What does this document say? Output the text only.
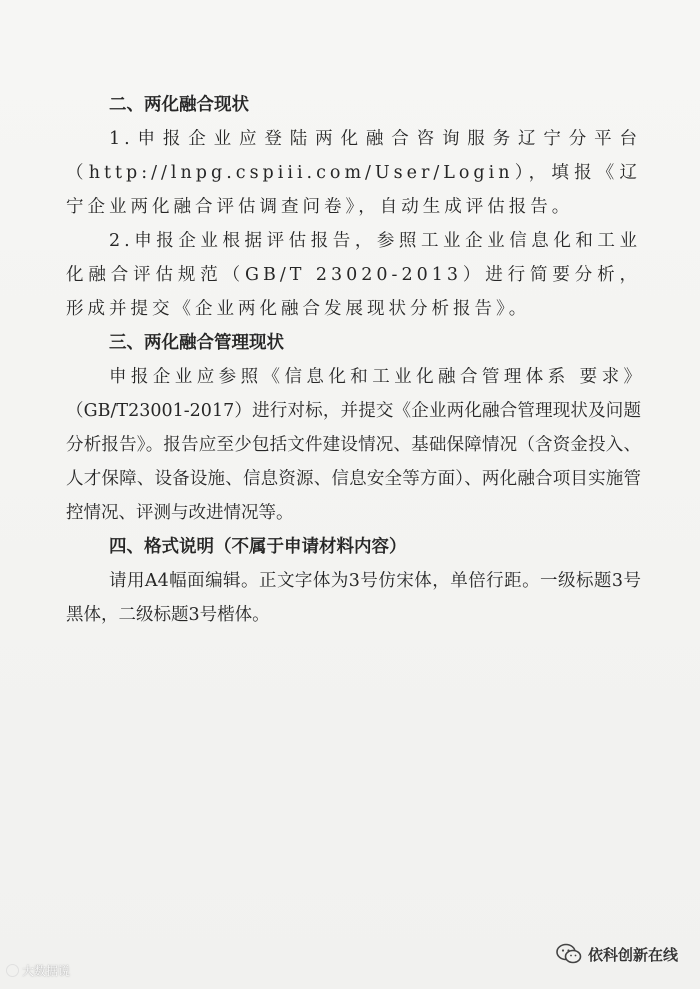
二、两化融合现状
1.申报企业应登陆两化融合咨询服务辽宁分平台（http://lnpg.cspiii.com/User/Login），填报《辽宁企业两化融合评估调查问卷》，自动生成评估报告。
2.申报企业根据评估报告，参照工业企业信息化和工业化融合评估规范（GB/T 23020-2013）进行简要分析，形成并提交《企业两化融合发展现状分析报告》。
三、两化融合管理现状
申报企业应参照《信息化和工业化融合管理体系 要求》（GB/T23001-2017）进行对标，并提交《企业两化融合管理现状及问题分析报告》。报告应至少包括文件建设情况、基础保障情况（含资金投入、人才保障、设备设施、信息资源、信息安全等方面）、两化融合项目实施管控情况、评测与改进情况等。
四、格式说明（不属于申请材料内容）
请用A4幅面编辑。正文字体为3号仿宋体，单倍行距。一级标题3号黑体，二级标题3号楷体。
大数据说
依科创新在线
